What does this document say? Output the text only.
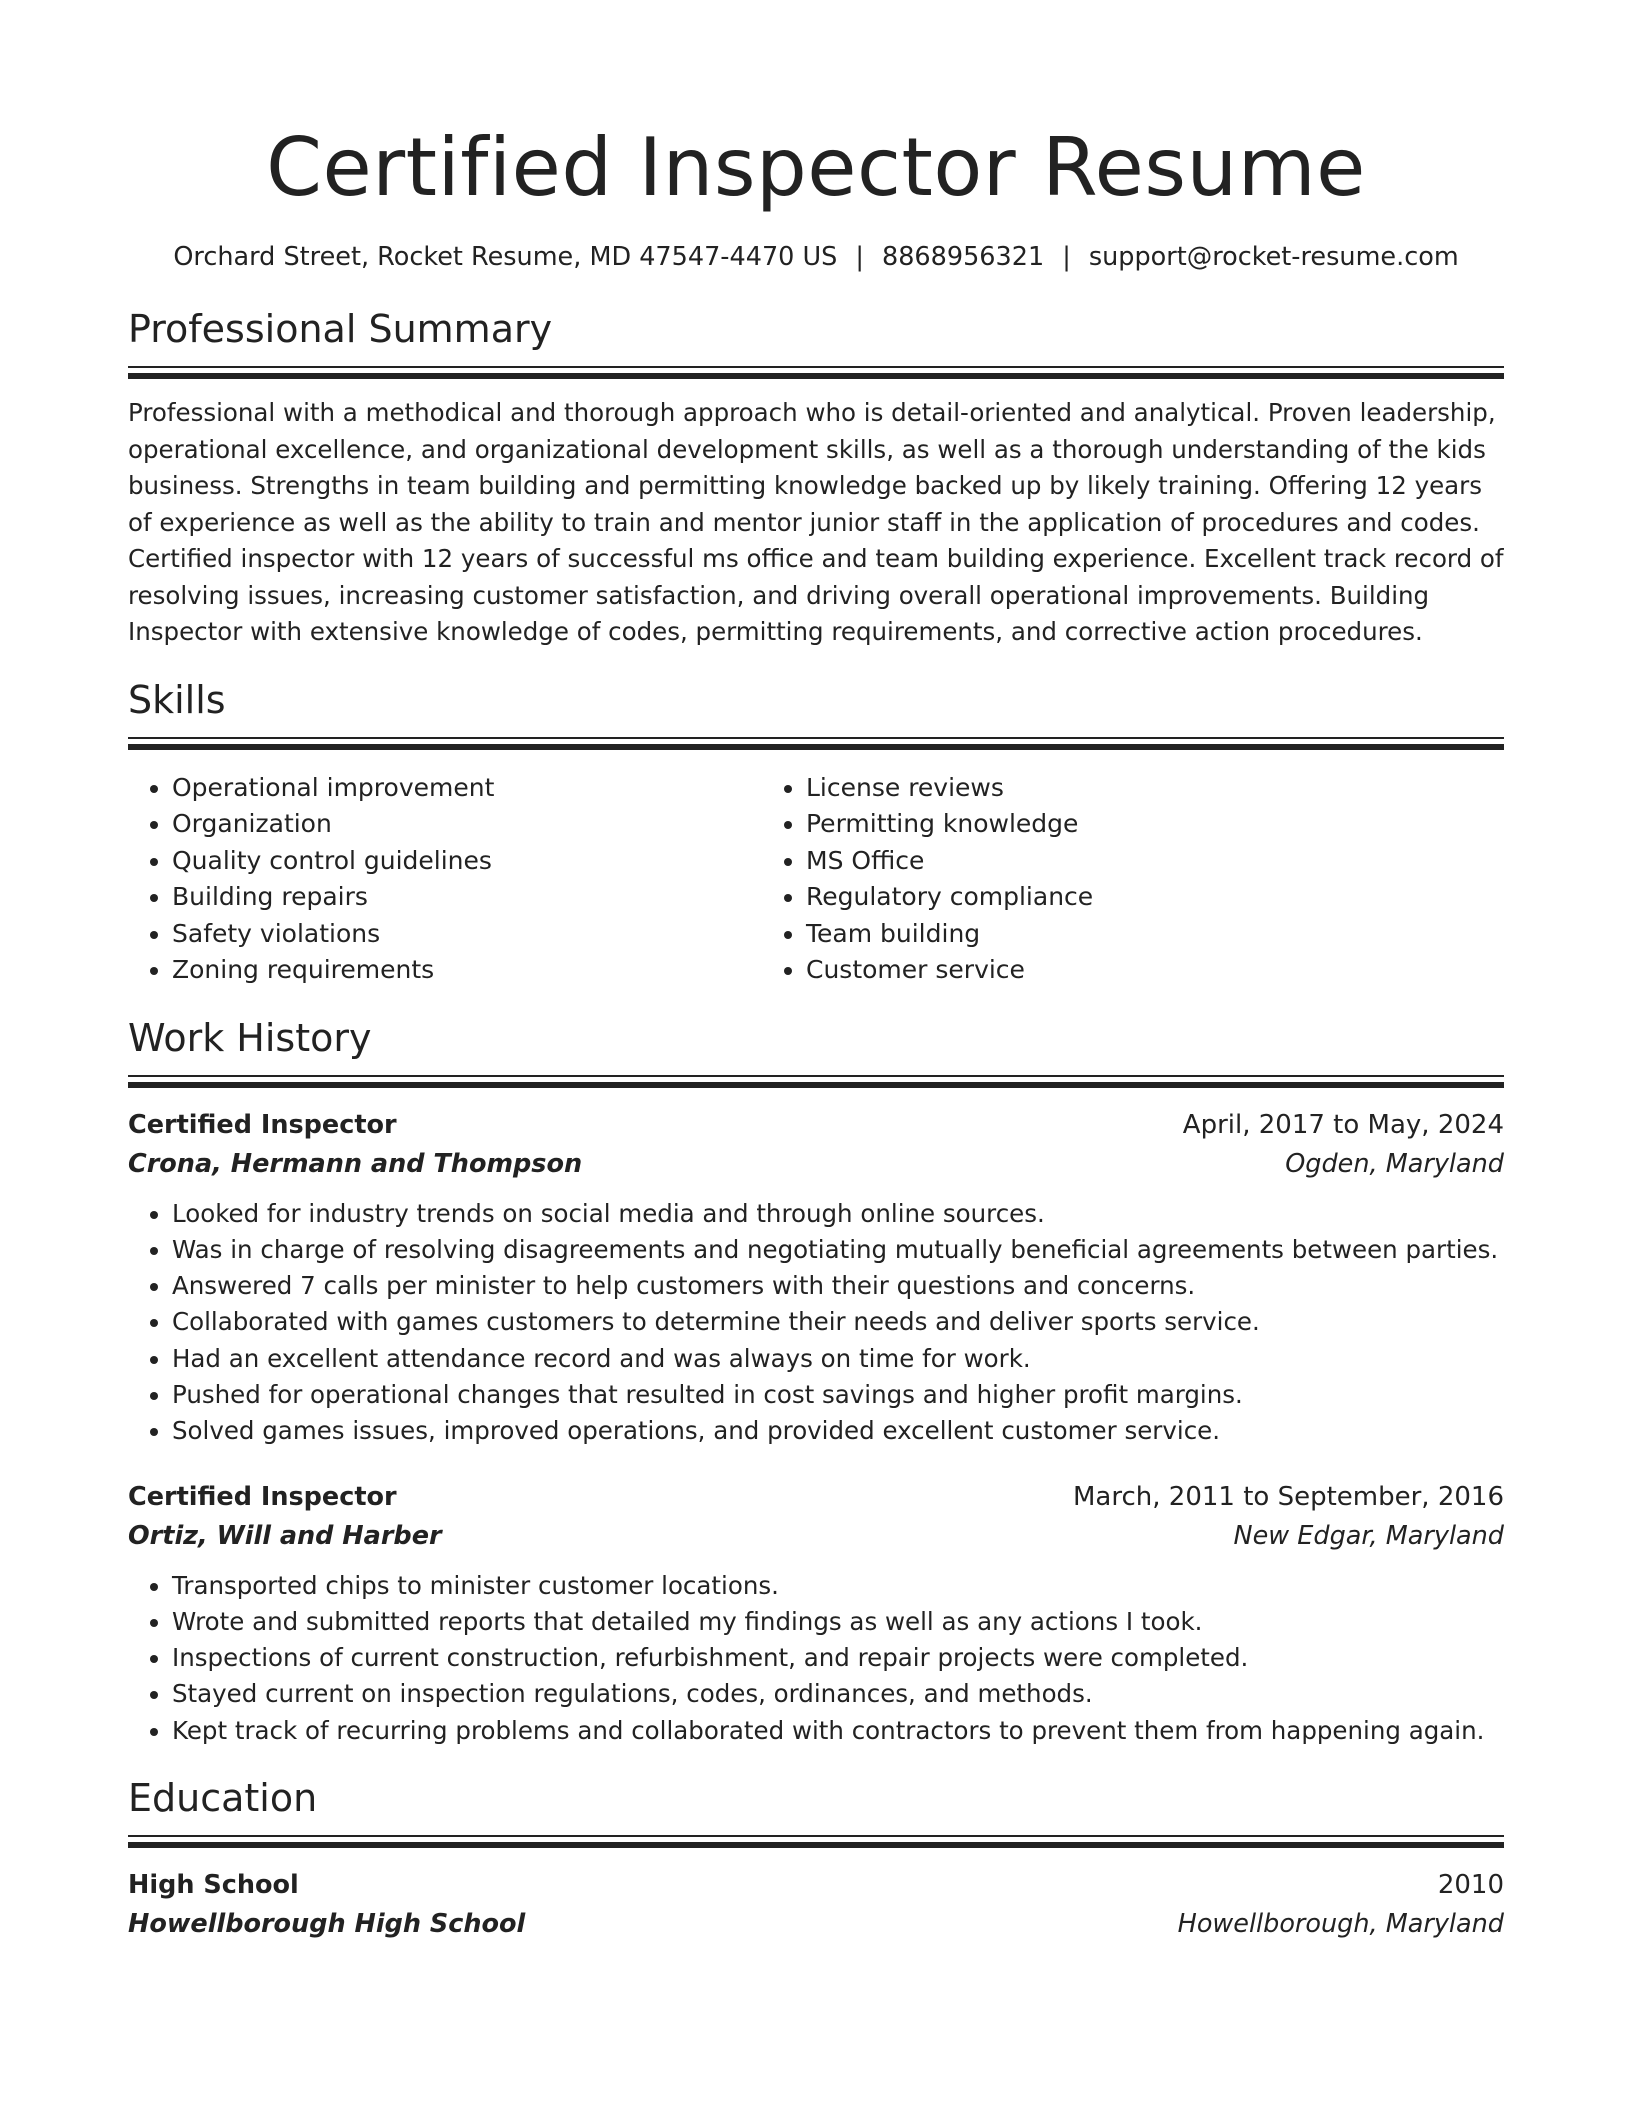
Certified Inspector Resume
Orchard Street, Rocket Resume, MD 47547-4470 US | 8868956321 | support@rocket-resume.com
Professional Summary

Professional with a methodical and thorough approach who is detail-oriented and analytical. Proven leadership, operational excellence, and organizational development skills, as well as a thorough understanding of the kids business. Strengths in team building and permitting knowledge backed up by likely training. Offering 12 years of experience as well as the ability to train and mentor junior staff in the application of procedures and codes. Certified inspector with 12 years of successful ms office and team building experience. Excellent track record of resolving issues, increasing customer satisfaction, and driving overall operational improvements. Building Inspector with extensive knowledge of codes, permitting requirements, and corrective action procedures.

Skills
• Operational improvement
• Organization
• Quality control guidelines
• Building repairs
• Safety violations
• Zoning requirements
• License reviews
• Permitting knowledge
• MS Office
• Regulatory compliance
• Team building
• Customer service
Work History
Certified Inspector	April, 2017 to May, 2024
Crona, Hermann and Thompson	Ogden, Maryland
• Looked for industry trends on social media and through online sources.
• Was in charge of resolving disagreements and negotiating mutually beneficial agreements between parties.
• Answered 7 calls per minister to help customers with their questions and concerns.
• Collaborated with games customers to determine their needs and deliver sports service.
• Had an excellent attendance record and was always on time for work.
• Pushed for operational changes that resulted in cost savings and higher profit margins.
• Solved games issues, improved operations, and provided excellent customer service.
Certified Inspector	March, 2011 to September, 2016
Ortiz, Will and Harber	New Edgar, Maryland
• Transported chips to minister customer locations.
• Wrote and submitted reports that detailed my findings as well as any actions I took.
• Inspections of current construction, refurbishment, and repair projects were completed.
• Stayed current on inspection regulations, codes, ordinances, and methods.
• Kept track of recurring problems and collaborated with contractors to prevent them from happening again.
Education
High School	2010
Howellborough High School	Howellborough, Maryland
